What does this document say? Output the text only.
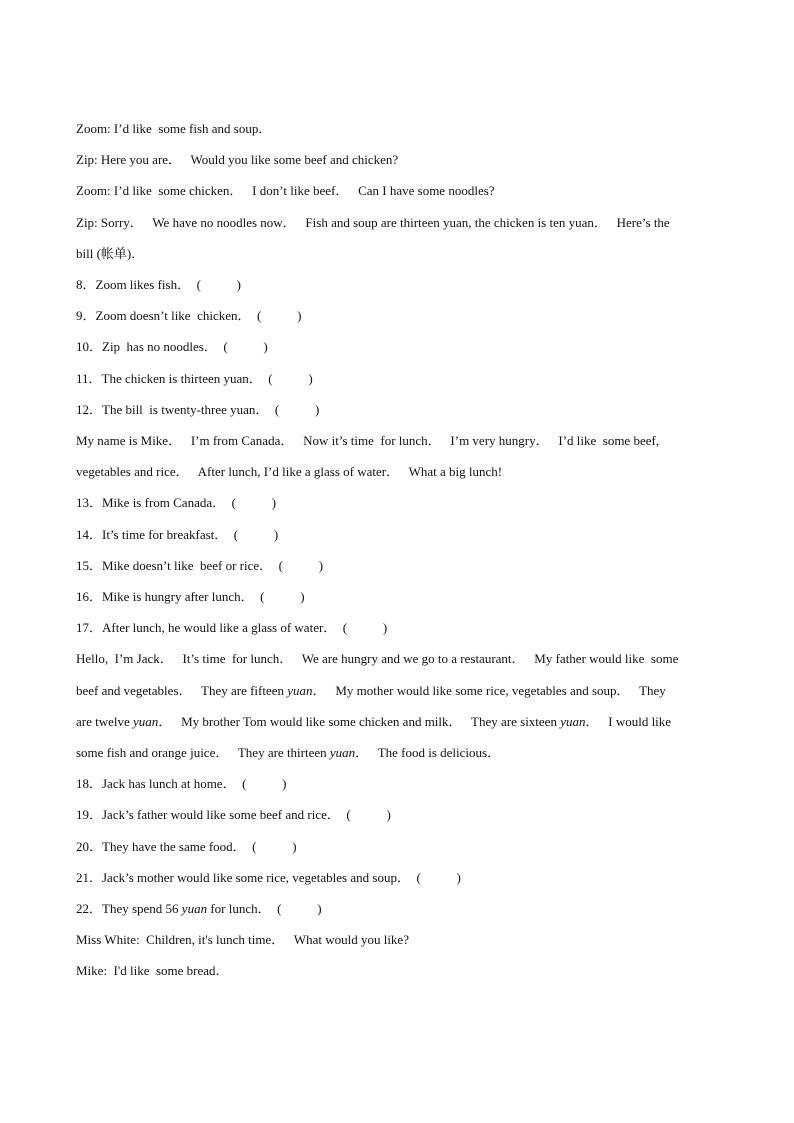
Zoom: I’d like  some fish and soup．
Zip: Here you are．   Would you like some beef and chicken?
Zoom: I’d like  some chicken．   I don’t like beef．   Can I have some noodles?
Zip: Sorry．   We have no noodles now．   Fish and soup are thirteen yuan, the chicken is ten yuan．   Here’s the
bill (帐单)．
8．Zoom likes fish．  (           )
9．Zoom doesn’t like  chicken．  (           )
10．Zip  has no noodles．  (           )
11．The chicken is thirteen yuan．  (           )
12．The bill  is twenty-three yuan．  (           )
My name is Mike．   I’m from Canada．   Now it’s time  for lunch．   I’m very hungry．   I’d like  some beef,
vegetables and rice．   After lunch, I’d like a glass of water．   What a big lunch!
13．Mike is from Canada．  (           )
14．It’s time for breakfast．  (           )
15．Mike doesn’t like  beef or rice．  (           )
16．Mike is hungry after lunch．  (           )
17．After lunch, he would like a glass of water．  (           )
Hello,  I’m Jack．   It’s time  for lunch．   We are hungry and we go to a restaurant．   My father would like  some
beef and vegetables．   They are fifteen yuan．   My mother would like some rice, vegetables and soup．   They
are twelve yuan．   My brother Tom would like some chicken and milk．   They are sixteen yuan．   I would like
some fish and orange juice．   They are thirteen yuan．   The food is delicious．
18．Jack has lunch at home．  (           )
19．Jack’s father would like some beef and rice．  (           )
20．They have the same food．  (           )
21．Jack’s mother would like some rice, vegetables and soup．  (           )
22．They spend 56 yuan for lunch．  (           )
Miss White:  Children, it's lunch time．   What would you like?
Mike:  I'd like  some bread．
